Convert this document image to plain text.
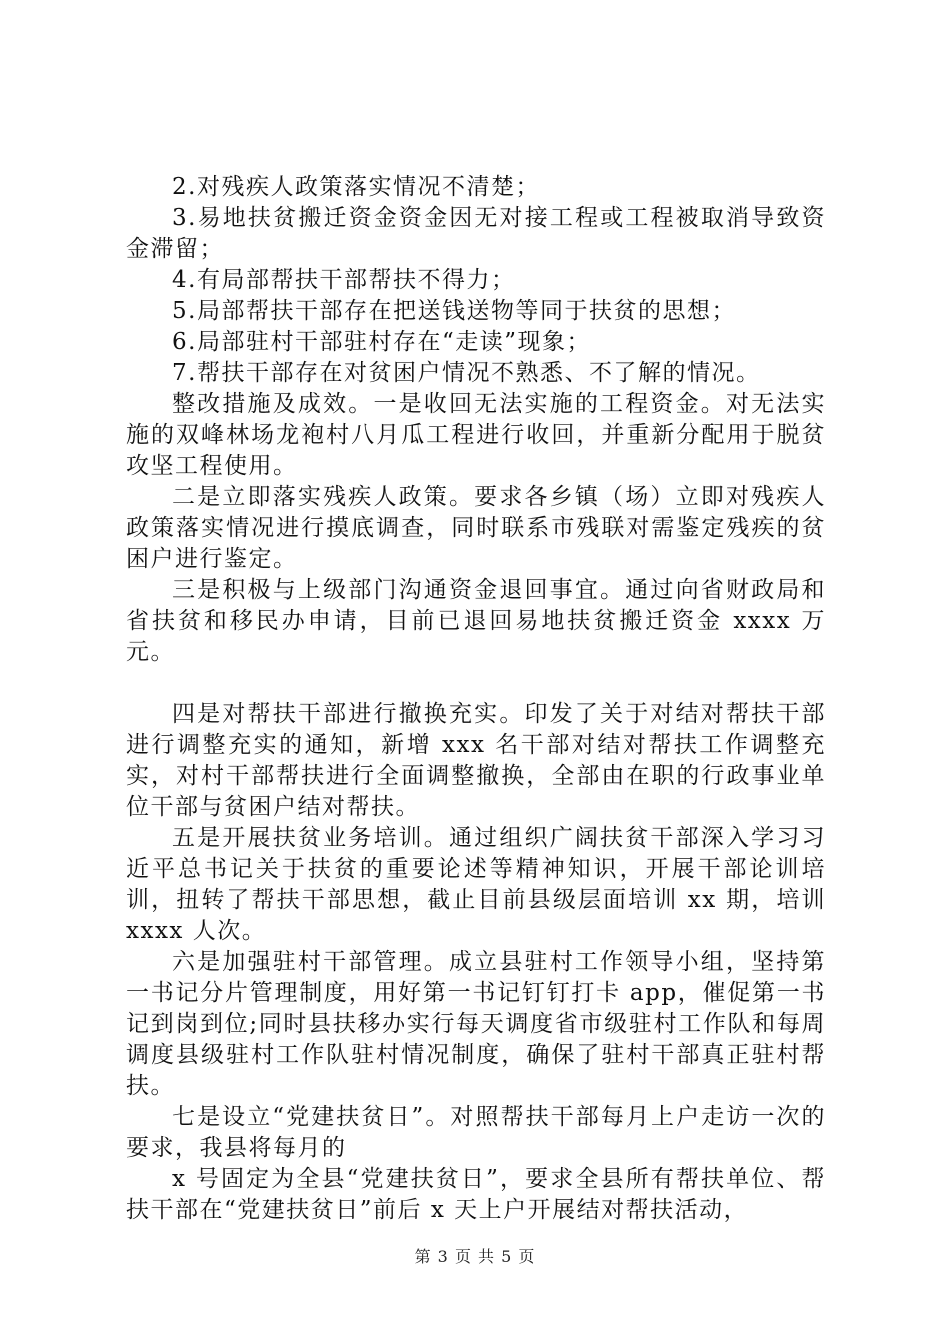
2.对残疾人政策落实情况不清楚；

3.易地扶贫搬迁资金资金因无对接工程或工程被取消导致资金滞留；

4.有局部帮扶干部帮扶不得力；

5.局部帮扶干部存在把送钱送物等同于扶贫的思想；

6.局部驻村干部驻村存在“走读”现象；

7.帮扶干部存在对贫困户情况不熟悉、不了解的情况。

整改措施及成效。一是收回无法实施的工程资金。对无法实施的双峰林场龙袍村八月瓜工程进行收回，并重新分配用于脱贫攻坚工程使用。

二是立即落实残疾人政策。要求各乡镇（场）立即对残疾人政策落实情况进行摸底调查，同时联系市残联对需鉴定残疾的贫困户进行鉴定。

三是积极与上级部门沟通资金退回事宜。通过向省财政局和省扶贫和移民办申请，目前已退回易地扶贫搬迁资金 xxxx 万元。

四是对帮扶干部进行撤换充实。印发了关于对结对帮扶干部进行调整充实的通知，新增 xxx 名干部对结对帮扶工作调整充实，对村干部帮扶进行全面调整撤换，全部由在职的行政事业单位干部与贫困户结对帮扶。

五是开展扶贫业务培训。通过组织广阔扶贫干部深入学习习近平总书记关于扶贫的重要论述等精神知识，开展干部论训培训，扭转了帮扶干部思想，截止目前县级层面培训 xx 期，培训 xxxx 人次。

六是加强驻村干部管理。成立县驻村工作领导小组，坚持第一书记分片管理制度，用好第一书记钉钉打卡 app，催促第一书记到岗到位;同时县扶移办实行每天调度省市级驻村工作队和每周调度县级驻村工作队驻村情况制度，确保了驻村干部真正驻村帮扶。

七是设立“党建扶贫日”。对照帮扶干部每月上户走访一次的要求，我县将每月的

x 号固定为全县“党建扶贫日”，要求全县所有帮扶单位、帮扶干部在“党建扶贫日”前后 x 天上户开展结对帮扶活动，

第 3 页 共 5 页
